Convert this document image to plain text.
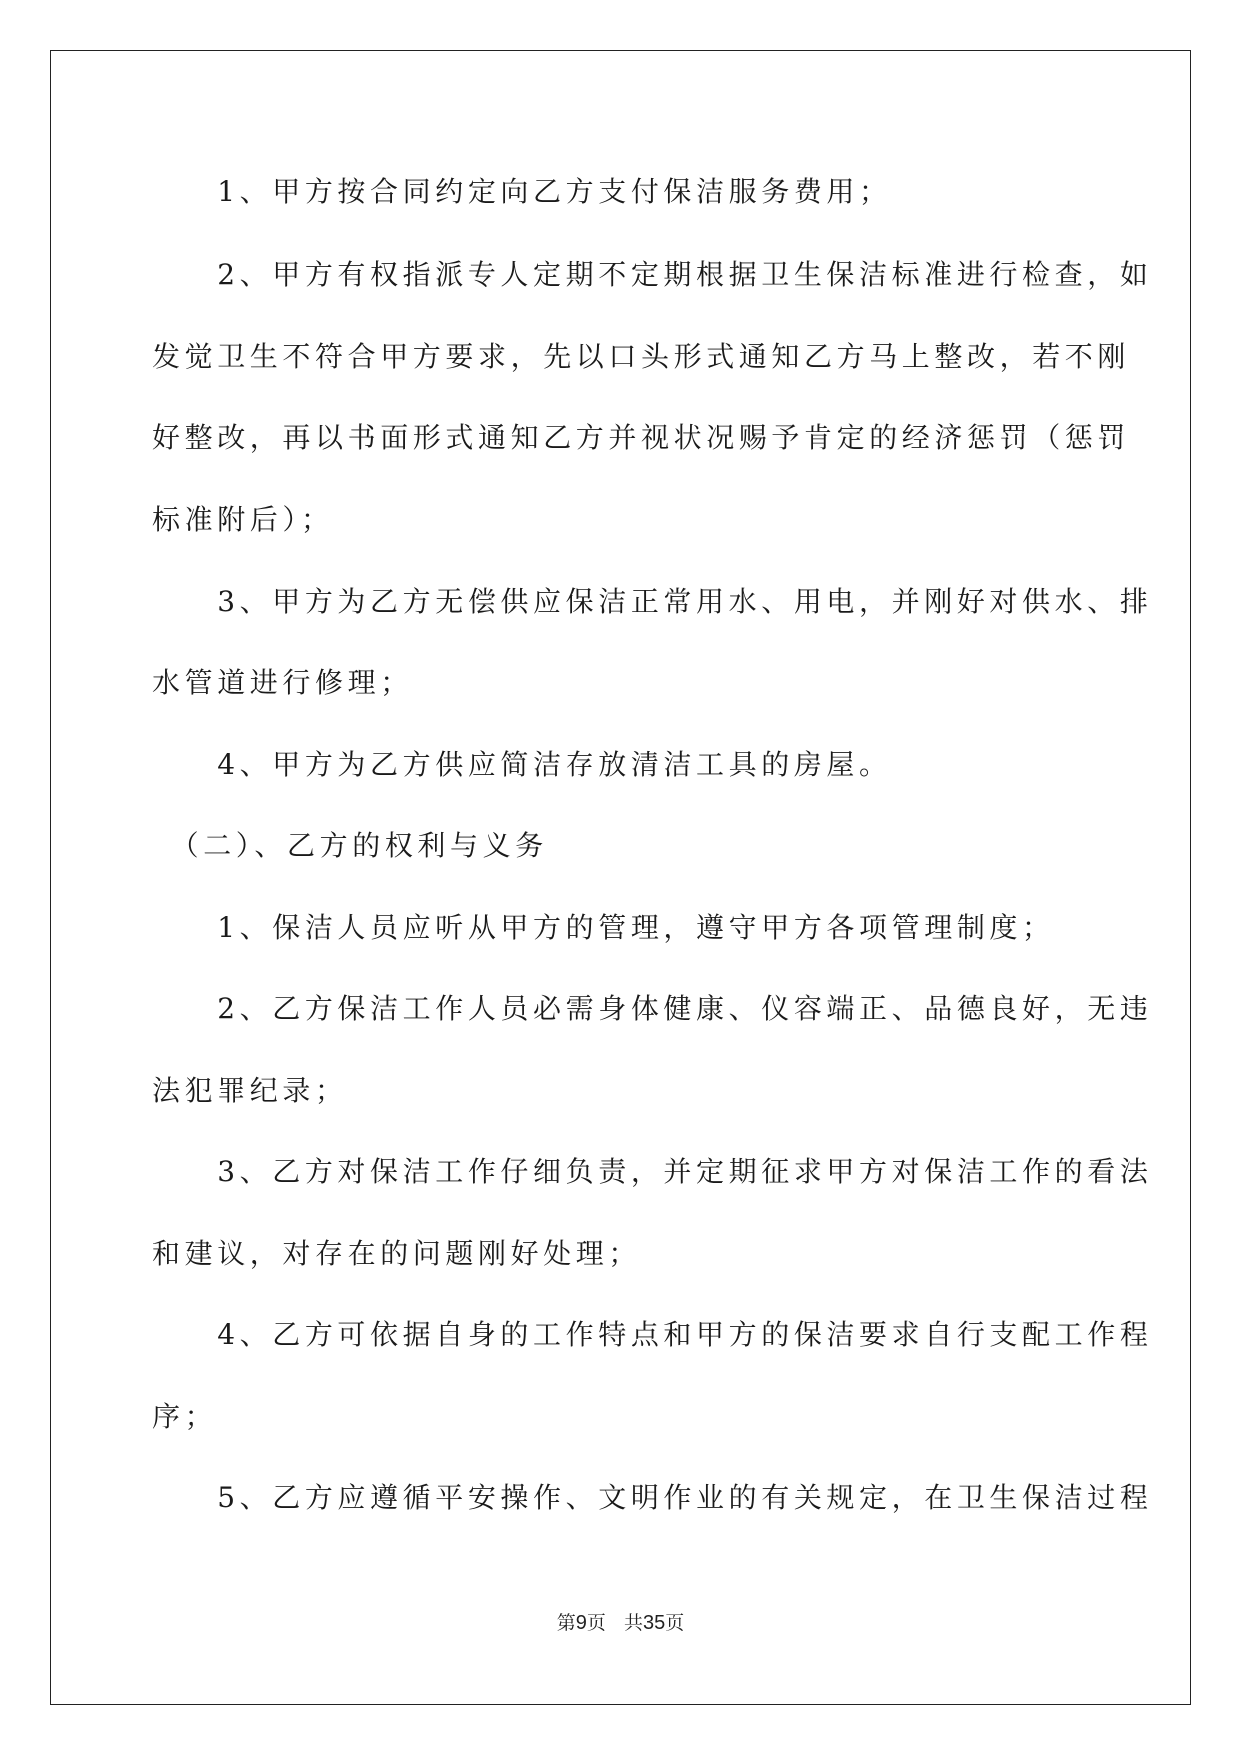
　　1、甲方按合同约定向乙方支付保洁服务费用；
　　2、甲方有权指派专人定期不定期根据卫生保洁标准进行检查，如
发觉卫生不符合甲方要求，先以口头形式通知乙方马上整改，若不刚
好整改，再以书面形式通知乙方并视状况赐予肯定的经济惩罚（惩罚
标准附后）；
　　3、甲方为乙方无偿供应保洁正常用水、用电，并刚好对供水、排
水管道进行修理；
　　4、甲方为乙方供应简洁存放清洁工具的房屋。
　（二）、乙方的权利与义务
　　1、保洁人员应听从甲方的管理，遵守甲方各项管理制度；
　　2、乙方保洁工作人员必需身体健康、仪容端正、品德良好，无违
法犯罪纪录；
　　3、乙方对保洁工作仔细负责，并定期征求甲方对保洁工作的看法
和建议，对存在的问题刚好处理；
　　4、乙方可依据自身的工作特点和甲方的保洁要求自行支配工作程
序；
　　5、乙方应遵循平安操作、文明作业的有关规定，在卫生保洁过程
第9页 共35页
